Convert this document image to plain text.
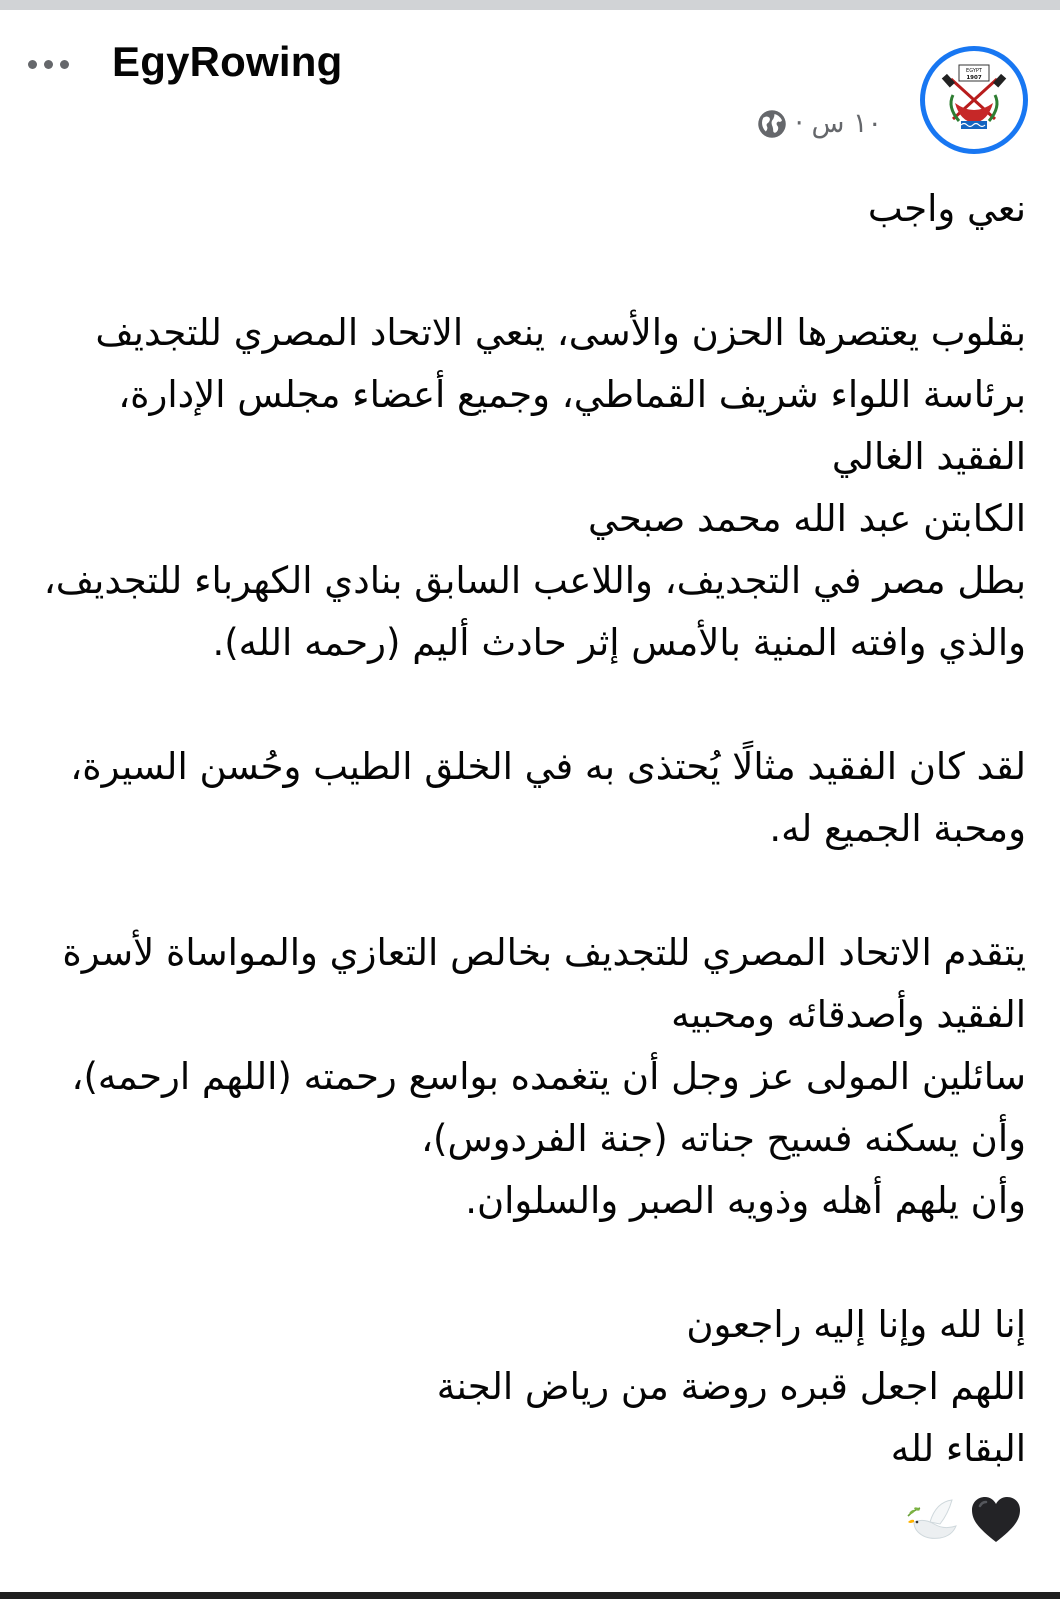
EgyRowing	EGYPT
1907
١٠ س
·
نعي واجب
بقلوب يعتصرها الحزن والأسى، ينعي الاتحاد المصري للتجديف
برئاسة اللواء شريف القماطي، وجميع أعضاء مجلس الإدارة،
الفقيد الغالي
الكابتن عبد الله محمد صبحي
بطل مصر في التجديف، واللاعب السابق بنادي الكهرباء للتجديف،
والذي وافته المنية بالأمس إثر حادث أليم (رحمه الله).
لقد كان الفقيد مثالًا يُحتذى به في الخلق الطيب وحُسن السيرة،
ومحبة الجميع له.
يتقدم الاتحاد المصري للتجديف بخالص التعازي والمواساة لأسرة
الفقيد وأصدقائه ومحبيه
سائلين المولى عز وجل أن يتغمده بواسع رحمته (اللهم ارحمه)،
وأن يسكنه فسيح جناته (جنة الفردوس)،
وأن يلهم أهله وذويه الصبر والسلوان.
إنا لله وإنا إليه راجعون
اللهم اجعل قبره روضة من رياض الجنة
البقاء لله
